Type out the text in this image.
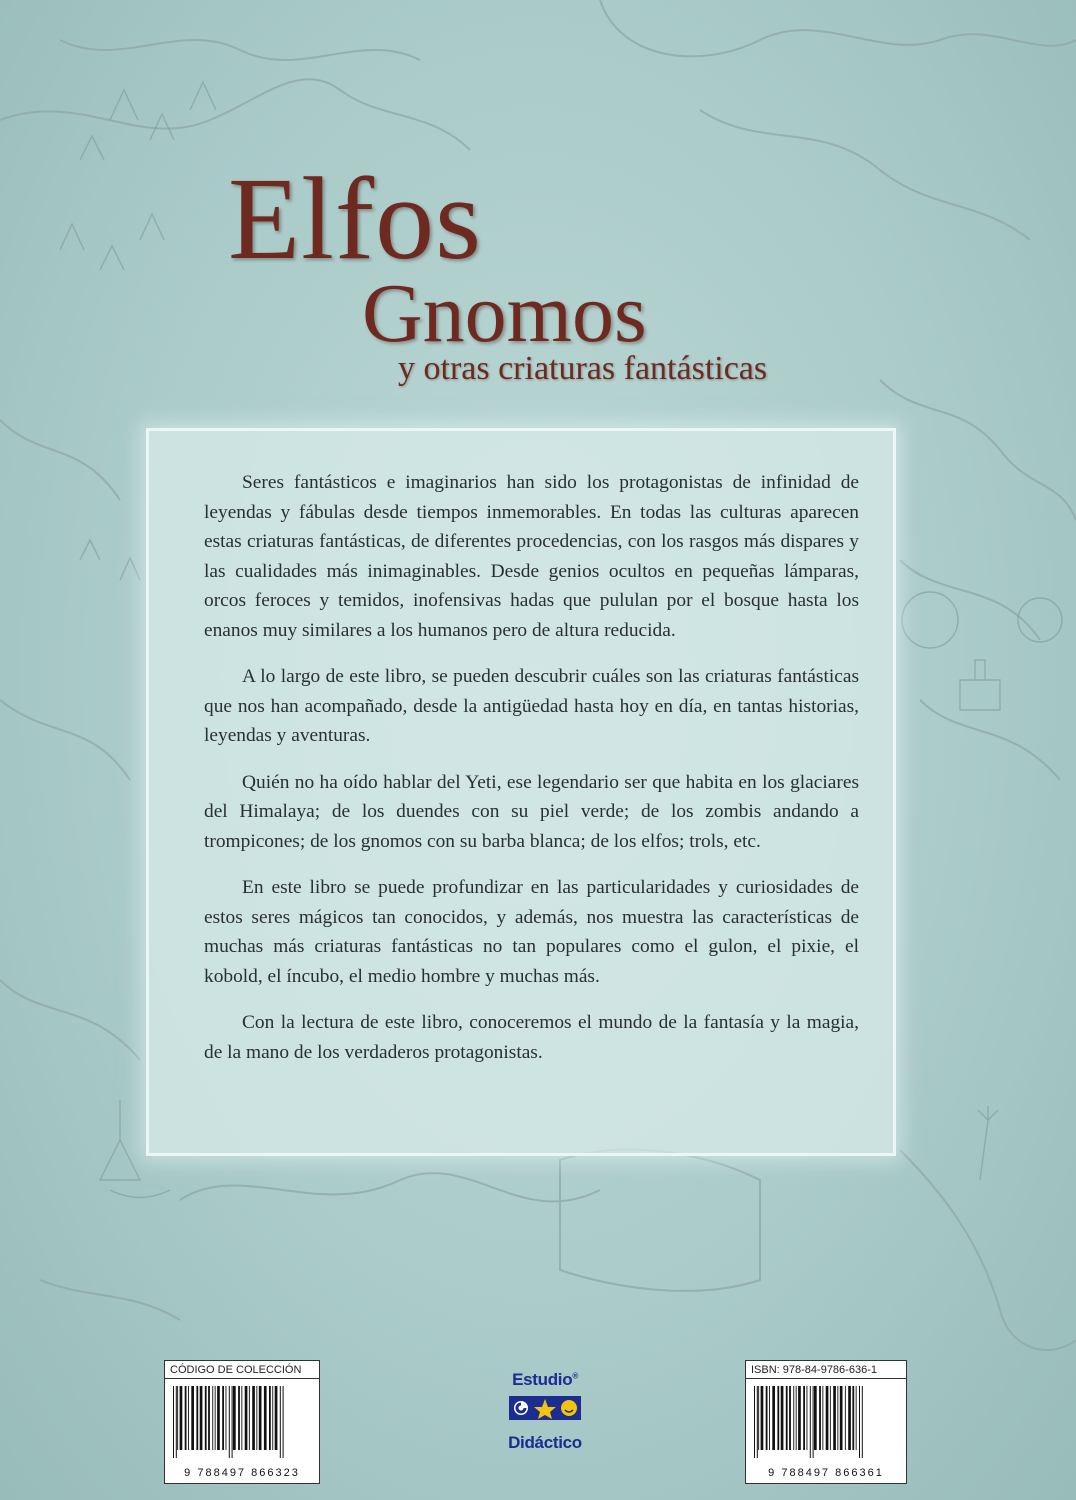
Elfos
Gnomos
y otras criaturas fantásticas

Seres fantásticos e imaginarios han sido los protagonistas de infinidad de leyendas y fábulas desde tiempos inmemorables. En todas las culturas aparecen estas criaturas fantásticas, de diferentes procedencias, con los rasgos más dispares y las cualidades más inimaginables. Desde genios ocultos en pequeñas lámparas, orcos feroces y temidos, inofensivas hadas que pululan por el bosque hasta los enanos muy similares a los humanos pero de altura reducida.

A lo largo de este libro, se pueden descubrir cuáles son las criaturas fantásticas que nos han acompañado, desde la antigüedad hasta hoy en día, en tantas historias, leyendas y aventuras.

Quién no ha oído hablar del Yeti, ese legendario ser que habita en los glaciares del Himalaya; de los duendes con su piel verde; de los zombis andando a trompicones; de los gnomos con su barba blanca; de los elfos; trols, etc.

En este libro se puede profundizar en las particularidades y curiosidades de estos seres mágicos tan conocidos, y además, nos muestra las características de muchas más criaturas fantásticas no tan populares como el gulon, el pixie, el kobold, el íncubo, el medio hombre y muchas más.

Con la lectura de este libro, conoceremos el mundo de la fantasía y la magia, de la mano de los verdaderos protagonistas.

CÓDIGO DE COLECCIÓN
9 788497 866323
Estudio®
Didáctico
ISBN: 978-84-9786-636-1
9 788497 866361
